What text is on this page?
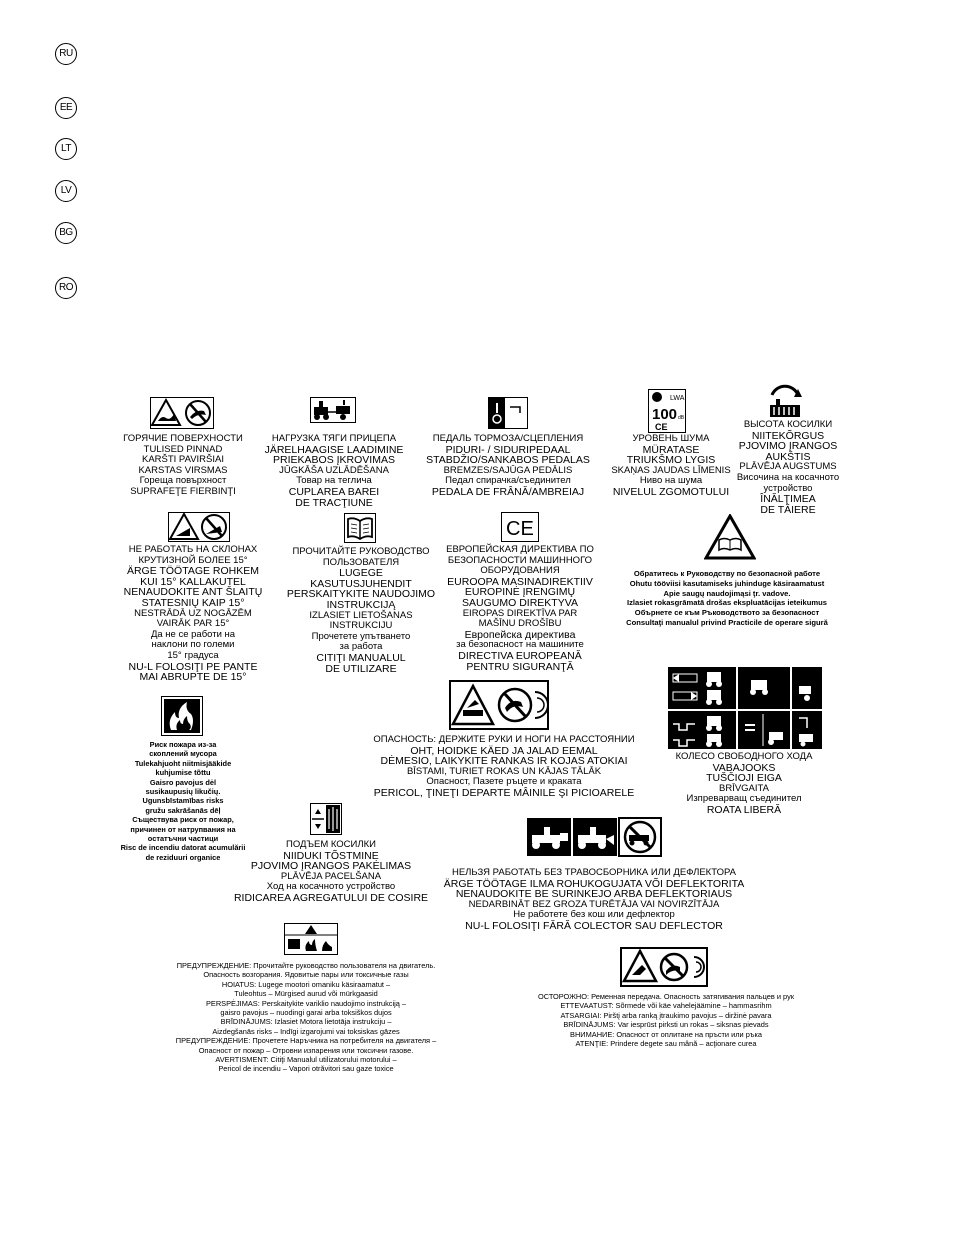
RU
EE
LT
LV
BG
RO
ГОРЯЧИЕ ПОВЕРХНОСТИ
TULISED PINNAD
KARŠTI PAVIRŠIAI
KARSTAS VIRSMAS
Гореща повърхност
SUPRAFEŢE FIERBINŢI
НАГРУЗКА ТЯГИ ПРИЦЕПА
JÄRELHAAGISE LAADIMINE
PRIEKABOS ĮKROVIMAS
JŪGKĀŠA UZLĀDĒŠANA
Товар на теглича
CUPLAREA BAREI
DE TRACŢIUNE
ПЕДАЛЬ ТОРМОЗА/СЦЕПЛЕНИЯ
PIDURI- / SIDURIPEDAAL
STABDŽIO/SANKABOS PEDALAS
BREMZES/SAJŪGA PEDĀLIS
Педал спирачка/съединител
PEDALA DE FRÂNĂ/AMBREIAJ
LWA
100 dB
CE
УРОВЕНЬ ШУМА
MÜRATASE
TRIUKŠMO LYGIS
SKAŅAS JAUDAS LĪMENIS
Ниво на шума
NIVELUL ZGOMOTULUI
ВЫСОТА КОСИЛКИ
NIITEKÕRGUS
PJOVIMO ĮRANGOS
AUKŠTIS
PLĀVĒJA AUGSTUMS
Височина на косачното
устройство
ÎNĂLŢIMEA
DE TĂIERE
НЕ РАБОТАТЬ НА СКЛОНАХ
КРУТИЗНОЙ БОЛЕЕ 15°
ÄRGE TÖÖTAGE ROHKEM
KUI 15° KALLAKUTEL
NENAUDOKITE ANT ŠLAITŲ
STATESNIŲ KAIP 15°
NESTRĀDĀ UZ NOGĀZĒM
VAIRĀK PAR 15°
Да не се работи на
наклони по големи
15° градуса
NU-L FOLOSIŢI PE PANTE
MAI ABRUPTE DE 15°
ПРОЧИТАЙТЕ РУКОВОДСТВО
ПОЛЬЗОВАТЕЛЯ
LUGEGE
KASUTUSJUHENDIT
PERSKAITYKITE NAUDOJIMO
INSTRUKCIJĄ
IZLASIET LIETOŠANAS
INSTRUKCIJU
Прочетете упътването
за работа
CITIŢI MANUALUL
DE UTILIZARE
CE
ЕВРОПЕЙСКАЯ ДИРЕКТИВА ПО
БЕЗОПАСНОСТИ МАШИННОГО
ОБОРУДОВАНИЯ
EUROOPA MASINADIREKTIIV
EUROPINĖ ĮRENGIMŲ
SAUGUMO DIREKTYVA
EIROPAS DIREKTĪVA PAR
MAŠĪNU DROŠĪBU
Европейска директива
за безопасност на машините
DIRECTIVA EUROPEANĂ
PENTRU SIGURANŢĂ
Обратитесь к Руководству по безопасной работе
Ohutu tööviisi kasutamiseks juhinduge käsiraamatust
Apie saugų naudojimąsi ţr. vadove.
Izlasiet rokasgrāmatā drošas ekspluatācijas ieteikumus
Обърнете се към Ръководството за безопасност
Consultaţi manualul privind Practicile de operare sigură
Риск пожара из-за
скоплений мусора
Tulekahjuoht niitmisjääkide
kuhjumise tõttu
Gaisro pavojus dėl
susikaupusių likučių.
Ugunsbīstamības risks
gružu sakrāšanās dēļ
Съществува риск от пожар,
причинен от натрупвания на
остатъчни частици
Risc de incendiu datorat acumulării
de reziduuri organice
ОПАСНОСТЬ: ДЕРЖИТЕ РУКИ И НОГИ НА РАССТОЯНИИ
OHT, HOIDKE KÄED JA JALAD EEMAL
DĖMESIO, LAIKYKITE RANKAS IR KOJAS ATOKIAI
BĪSTAMI, TURIET ROKAS UN KĀJAS TĀLĀK
Опасност, Пазете ръцете и краката
PERICOL, ŢINEŢI DEPARTE MÂINILE ŞI PICIOARELE
КОЛЕСО СВОБОДНОГО ХОДА
VABAJOOKS
TUŠČIOJI EIGA
BRĪVGAITA
Изпреварващ съединител
ROATA LIBERĂ
ПОДЪЕМ КОСИЛКИ
NIIDUKI TÕSTMINE
PJOVIMO ĮRANGOS PAKĖLIMAS
PLĀVĒJA PACELŠANA
Ход на косачното устройство
RIDICAREA AGREGATULUI DE COSIRE
НЕЛЬЗЯ РАБОТАТЬ БЕЗ ТРАВОСБОРНИКА ИЛИ ДЕФЛЕКТОРА
ÄRGE TÖÖTAGE ILMA ROHUKOGUJATA VÕI DEFLEKTORITA
NENAUDOKITE BE SURINKEJO ARBA DEFLEKTORIAUS
NEDARBINĀT BEZ GROZA TURĒTĀJA VAI NOVIRZĪTĀJA
Не работете без кош или дефлектор
NU-L FOLOSIŢI FĂRĂ COLECTOR SAU DEFLECTOR
ПРЕДУПРЕЖДЕНИЕ: Прочитайте руководство пользователя на двигатель.
Опасность возгорания. Ядовитые пары или токсичные газы
HOIATUS: Lugege mootori omaniku käsiraamatut –
Tuleohtus – Mürgised aurud või mürkgaasid
PERSPĖJIMAS: Perskaitykite variklio naudojimo instrukciją –
gaisro pavojus – nuodingi garai arba toksiškos dujos
BRĪDINĀJUMS: Izlasiet Motora lietotāja instrukciju –
Aizdegšanās risks – Indīgi izgarojumi vai toksiskas gāzes
ПРЕДУПРЕЖДЕНИЕ: Прочетете Наръчника на потребителя на двигателя –
Опасност от пожар – Отровни изпарения или токсични газове.
AVERTISMENT: Citiţi Manualul utilizatorului motorului –
Pericol de incendiu – Vapori otrăvitori sau gaze toxice
ОСТОРОЖНО: Ременная передача. Опасность затягивания пальцев и рук
ETTEVAATUST: Sõrmede või käe vahelejäämine – hammasrihm
ATSARGIAI: Pirštį arba ranką įtraukimo pavojus – diržinė pavara
BRĪDINĀJUMS: Var iesprūst pirksti un rokas – siksnas pievads
ВНИМАНИЕ: Опасност от оплитане на пръсти или ръка
ATENŢIE: Prindere degete sau mână – acţionare curea
